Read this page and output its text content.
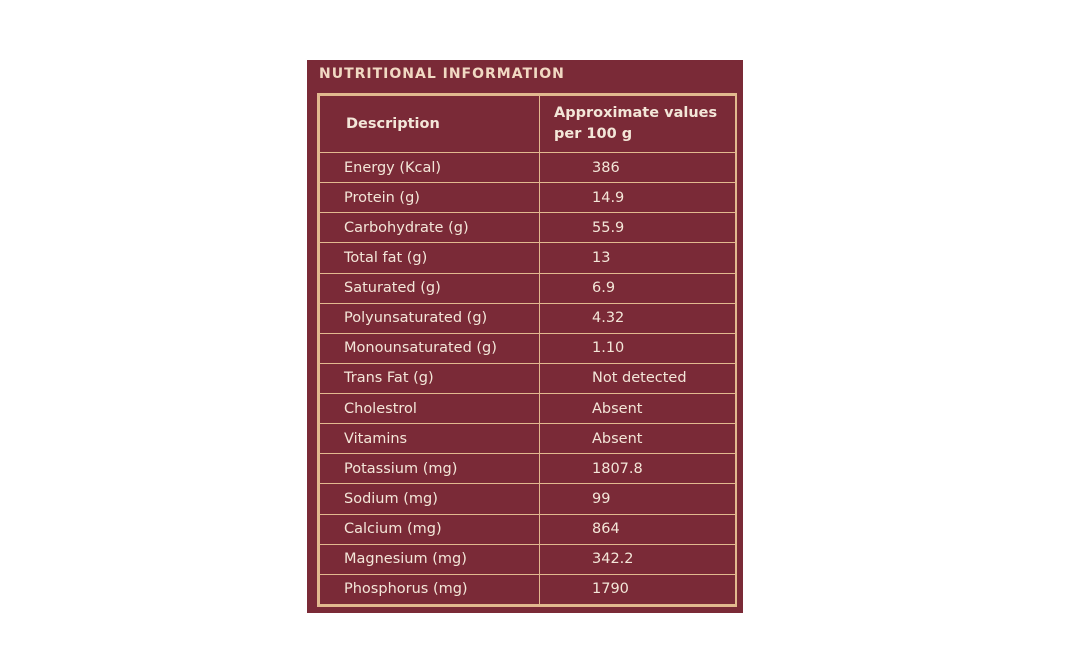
NUTRITIONAL INFORMATION
Description	Approximate values per 100 g
Energy (Kcal)	386
Protein (g)	14.9
Carbohydrate (g)	55.9
Total fat (g)	13
Saturated (g)	6.9
Polyunsaturated (g)	4.32
Monounsaturated (g)	1.10
Trans Fat (g)	Not detected
Cholestrol	Absent
Vitamins	Absent
Potassium (mg)	1807.8
Sodium (mg)	99
Calcium (mg)	864
Magnesium (mg)	342.2
Phosphorus (mg)	1790
